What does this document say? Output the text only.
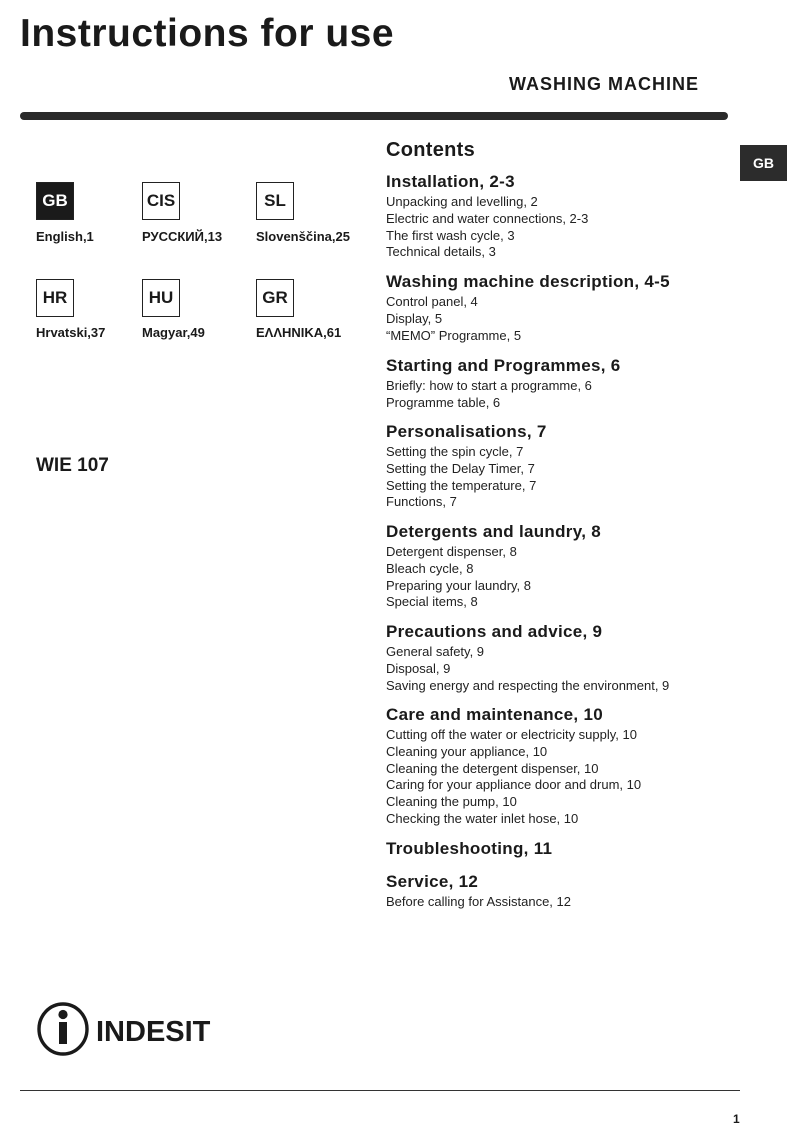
Instructions for use
WASHING MACHINE
GB
GB
English,1
CIS
РУССКИЙ,13
SL
Slovenščina,25
HR
Hrvatski,37
HU
Magyar,49
GR
ΕΛΛΗΝΙΚΑ,61
WIE 107
Contents
Installation, 2-3
Unpacking and levelling, 2
Electric and water connections, 2-3
The first wash cycle, 3
Technical details, 3
Washing machine description, 4-5
Control panel, 4
Display, 5
“MEMO” Programme, 5
Starting and Programmes, 6
Briefly: how to start a programme, 6
Programme table, 6
Personalisations, 7
Setting the spin cycle, 7
Setting the Delay Timer, 7
Setting the temperature, 7
Functions, 7
Detergents and laundry, 8
Detergent dispenser, 8
Bleach cycle, 8
Preparing your laundry, 8
Special items, 8
Precautions and advice, 9
General safety, 9
Disposal, 9
Saving energy and respecting the environment, 9
Care and maintenance, 10
Cutting off the water or electricity supply, 10
Cleaning your appliance, 10
Cleaning the detergent dispenser, 10
Caring for your appliance door and drum, 10
Cleaning the pump, 10
Checking the water inlet hose, 10
Troubleshooting, 11
Service, 12
Before calling for Assistance, 12
INDESIT
1
